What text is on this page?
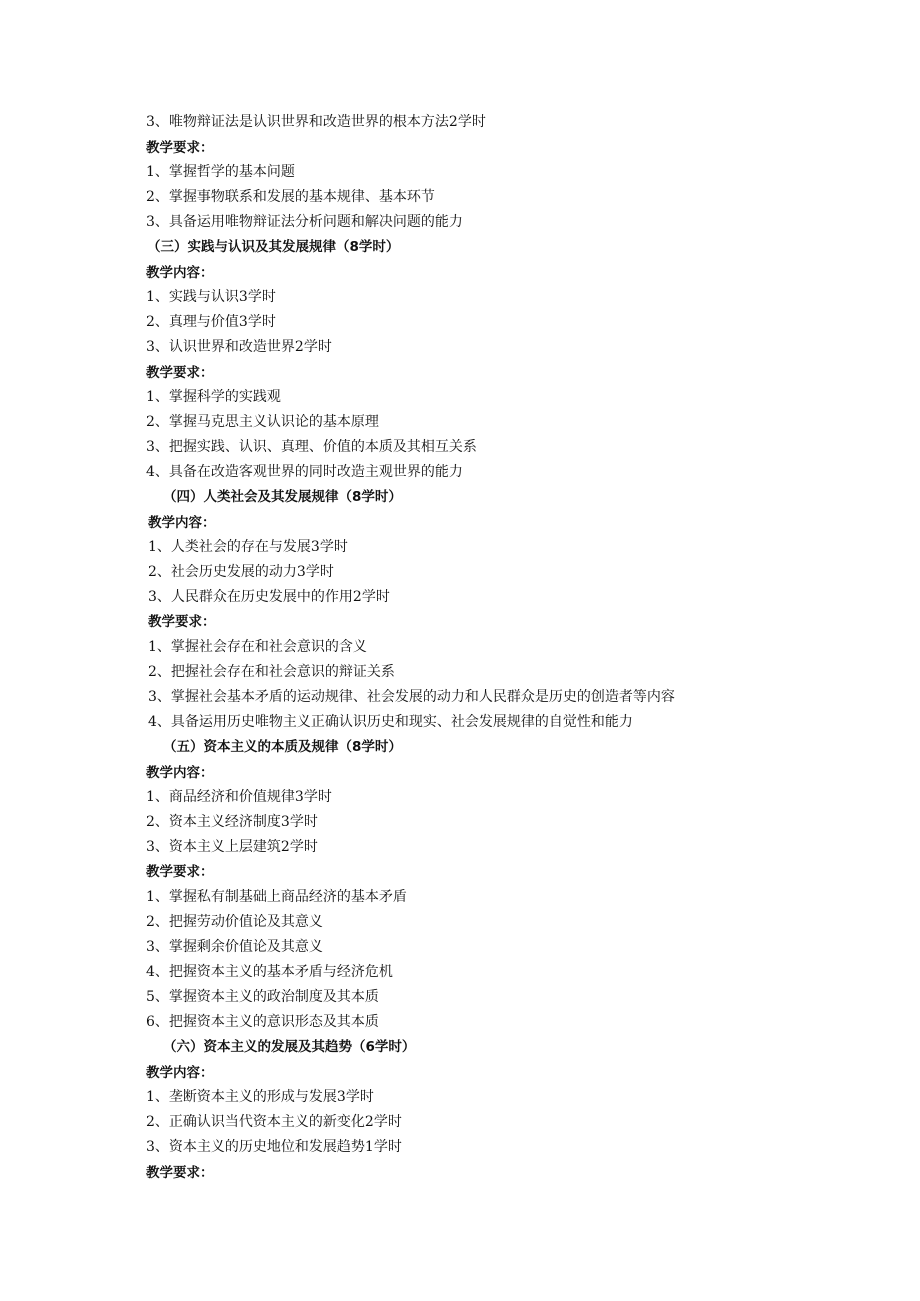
3、唯物辩证法是认识世界和改造世界的根本方法2学时
教学要求：
1、掌握哲学的基本问题
2、掌握事物联系和发展的基本规律、基本环节
3、具备运用唯物辩证法分析问题和解决问题的能力
（三）实践与认识及其发展规律（8学时）
教学内容：
1、实践与认识3学时
2、真理与价值3学时
3、认识世界和改造世界2学时
教学要求：
1、掌握科学的实践观
2、掌握马克思主义认识论的基本原理
3、把握实践、认识、真理、价值的本质及其相互关系
4、具备在改造客观世界的同时改造主观世界的能力
（四）人类社会及其发展规律（8学时）
教学内容：
1、人类社会的存在与发展3学时
2、社会历史发展的动力3学时
3、人民群众在历史发展中的作用2学时
教学要求：
1、掌握社会存在和社会意识的含义
2、把握社会存在和社会意识的辩证关系
3、掌握社会基本矛盾的运动规律、社会发展的动力和人民群众是历史的创造者等内容
4、具备运用历史唯物主义正确认识历史和现实、社会发展规律的自觉性和能力
（五）资本主义的本质及规律（8学时）
教学内容：
1、商品经济和价值规律3学时
2、资本主义经济制度3学时
3、资本主义上层建筑2学时
教学要求：
1、掌握私有制基础上商品经济的基本矛盾
2、把握劳动价值论及其意义
3、掌握剩余价值论及其意义
4、把握资本主义的基本矛盾与经济危机
5、掌握资本主义的政治制度及其本质
6、把握资本主义的意识形态及其本质
（六）资本主义的发展及其趋势（6学时）
教学内容：
1、垄断资本主义的形成与发展3学时
2、正确认识当代资本主义的新变化2学时
3、资本主义的历史地位和发展趋势1学时
教学要求：
